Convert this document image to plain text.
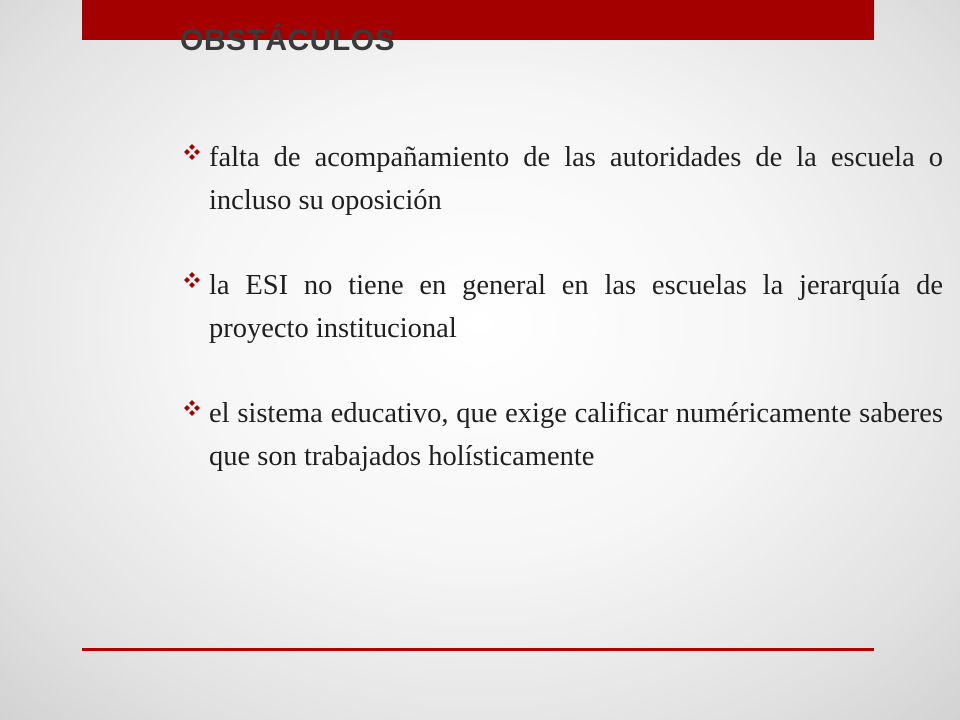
OBSTÁCULOS

falta de acompañamiento de las autoridades de la escuela o incluso su oposición

la ESI no tiene en general en las escuelas la jerarquía de proyecto institucional

el sistema educativo, que exige calificar numéricamente saberes que son trabajados holísticamente
